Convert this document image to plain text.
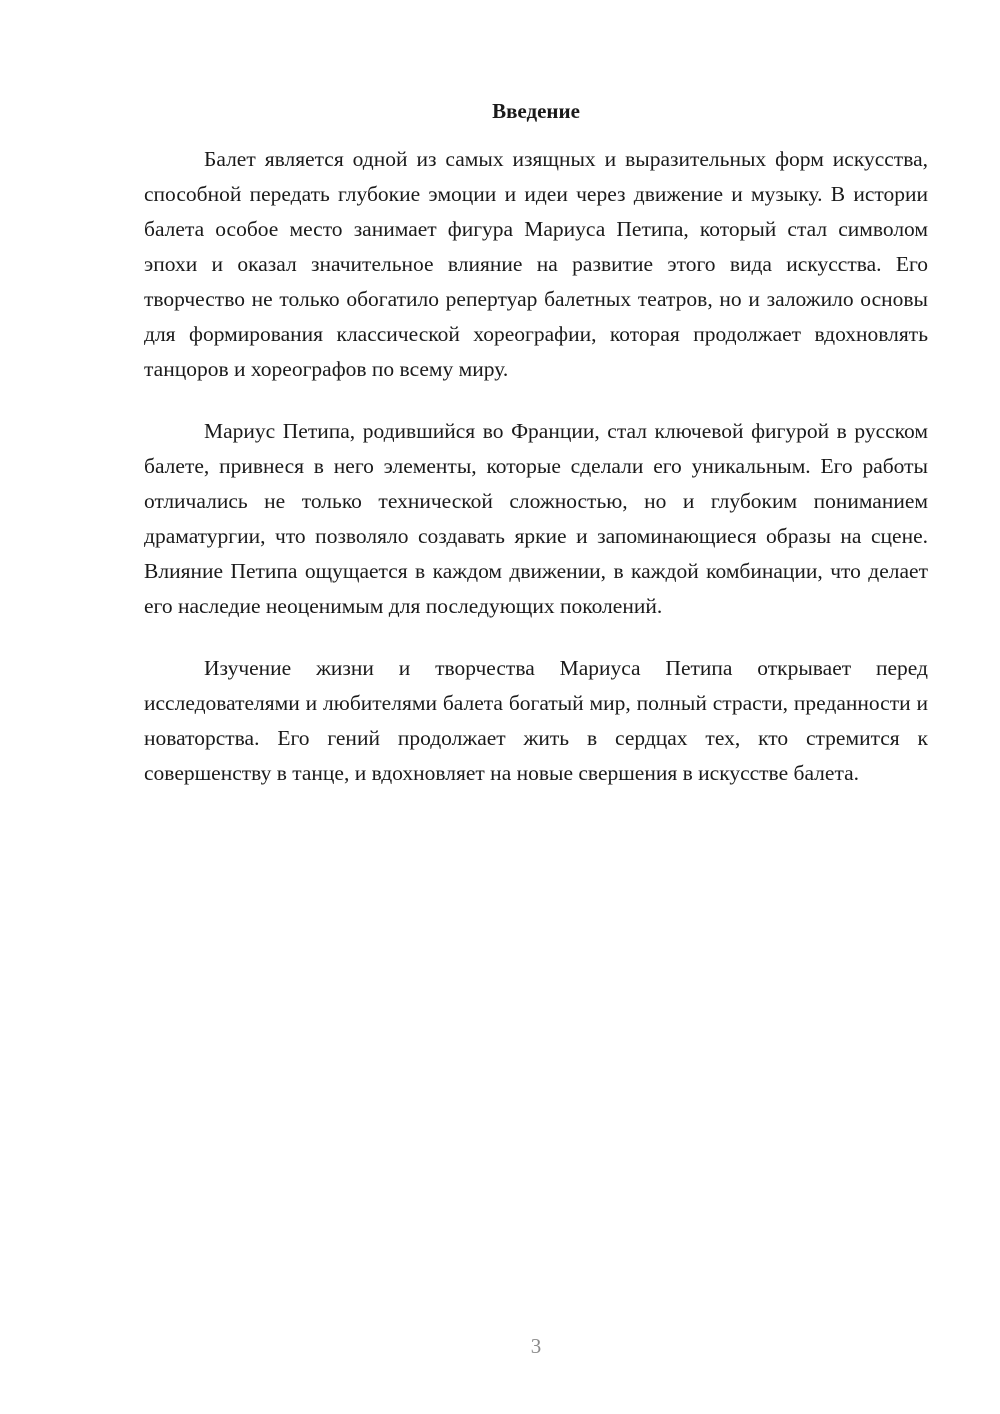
Введение

Балет является одной из самых изящных и выразительных форм искусства, способной передать глубокие эмоции и идеи через движение и музыку. В истории балета особое место занимает фигура Мариуса Петипа, который стал символом эпохи и оказал значительное влияние на развитие этого вида искусства. Его творчество не только обогатило репертуар балетных театров, но и заложило основы для формирования классической хореографии, которая продолжает вдохновлять танцоров и хореографов по всему миру.

Мариус Петипа, родившийся во Франции, стал ключевой фигурой в русском балете, привнеся в него элементы, которые сделали его уникальным. Его работы отличались не только технической сложностью, но и глубоким пониманием драматургии, что позволяло создавать яркие и запоминающиеся образы на сцене. Влияние Петипа ощущается в каждом движении, в каждой комбинации, что делает его наследие неоценимым для последующих поколений.

Изучение жизни и творчества Мариуса Петипа открывает перед исследователями и любителями балета богатый мир, полный страсти, преданности и новаторства. Его гений продолжает жить в сердцах тех, кто стремится к совершенству в танце, и вдохновляет на новые свершения в искусстве балета.

3
